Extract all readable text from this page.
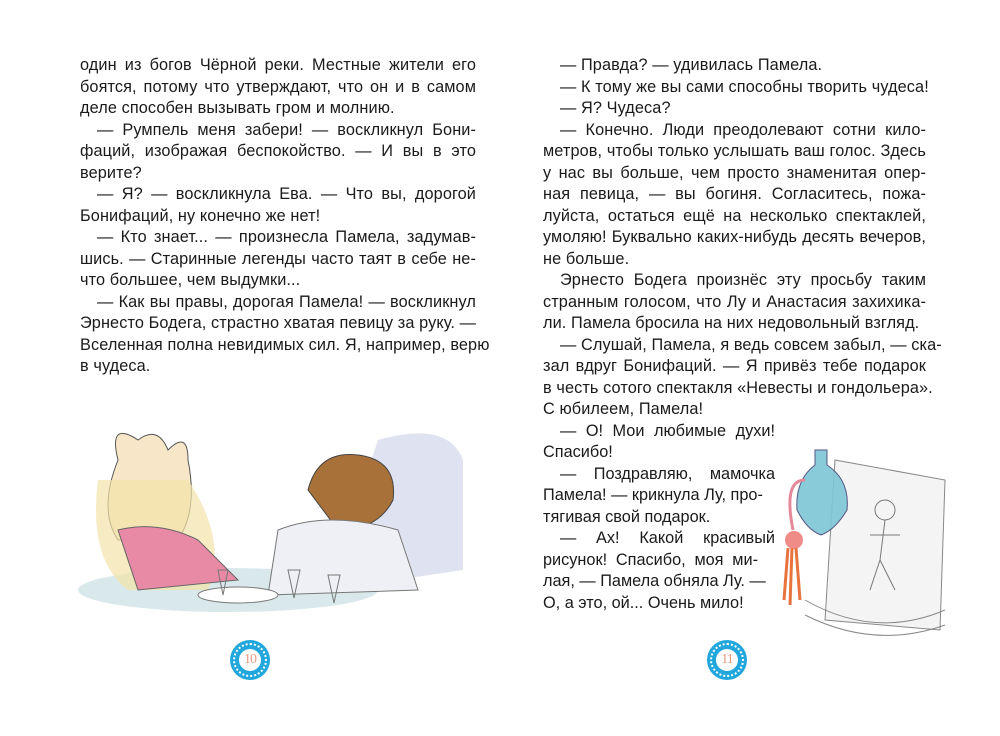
один из богов Чёрной реки. Местные жители его
боятся, потому что утверждают, что он и в самом
деле способен вызывать гром и молнию.
— Румпель меня забери! — воскликнул Бони-
фаций, изображая беспокойство. — И вы в это
верите?
— Я? — воскликнула Ева. — Что вы, дорогой
Бонифаций, ну конечно же нет!
— Кто знает... — произнесла Памела, задумав-
шись. — Старинные легенды часто таят в себе не-
что большее, чем выдумки...
— Как вы правы, дорогая Памела! — воскликнул
Эрнесто Бодега, страстно хватая певицу за руку. —
Вселенная полна невидимых сил. Я, например, верю
в чудеса.
10
— Правда? — удивилась Памела.
— К тому же вы сами способны творить чудеса!
— Я? Чудеса?
— Конечно. Люди преодолевают сотни кило-
метров, чтобы только услышать ваш голос. Здесь
у нас вы больше, чем просто знаменитая опер-
ная певица, — вы богиня. Согласитесь, пожа-
луйста, остаться ещё на несколько спектаклей,
умоляю! Буквально каких-нибудь десять вечеров,
не больше.
Эрнесто Бодега произнёс эту просьбу таким
странным голосом, что Лу и Анастасия захихика-
ли. Памела бросила на них недовольный взгляд.
— Слушай, Памела, я ведь совсем забыл, — ска-
зал вдруг Бонифаций. — Я привёз тебе подарок
в честь сотого спектакля «Невесты и гондольера».
С юбилеем, Памела!
— О! Мои любимые духи!
Спасибо!
— Поздравляю, мамочка
Памела! — крикнула Лу, про-
тягивая свой подарок.
— Ах! Какой красивый
рисунок! Спасибо, моя ми-
лая, — Памела обняла Лу. —
О, а это, ой... Очень мило!
11
